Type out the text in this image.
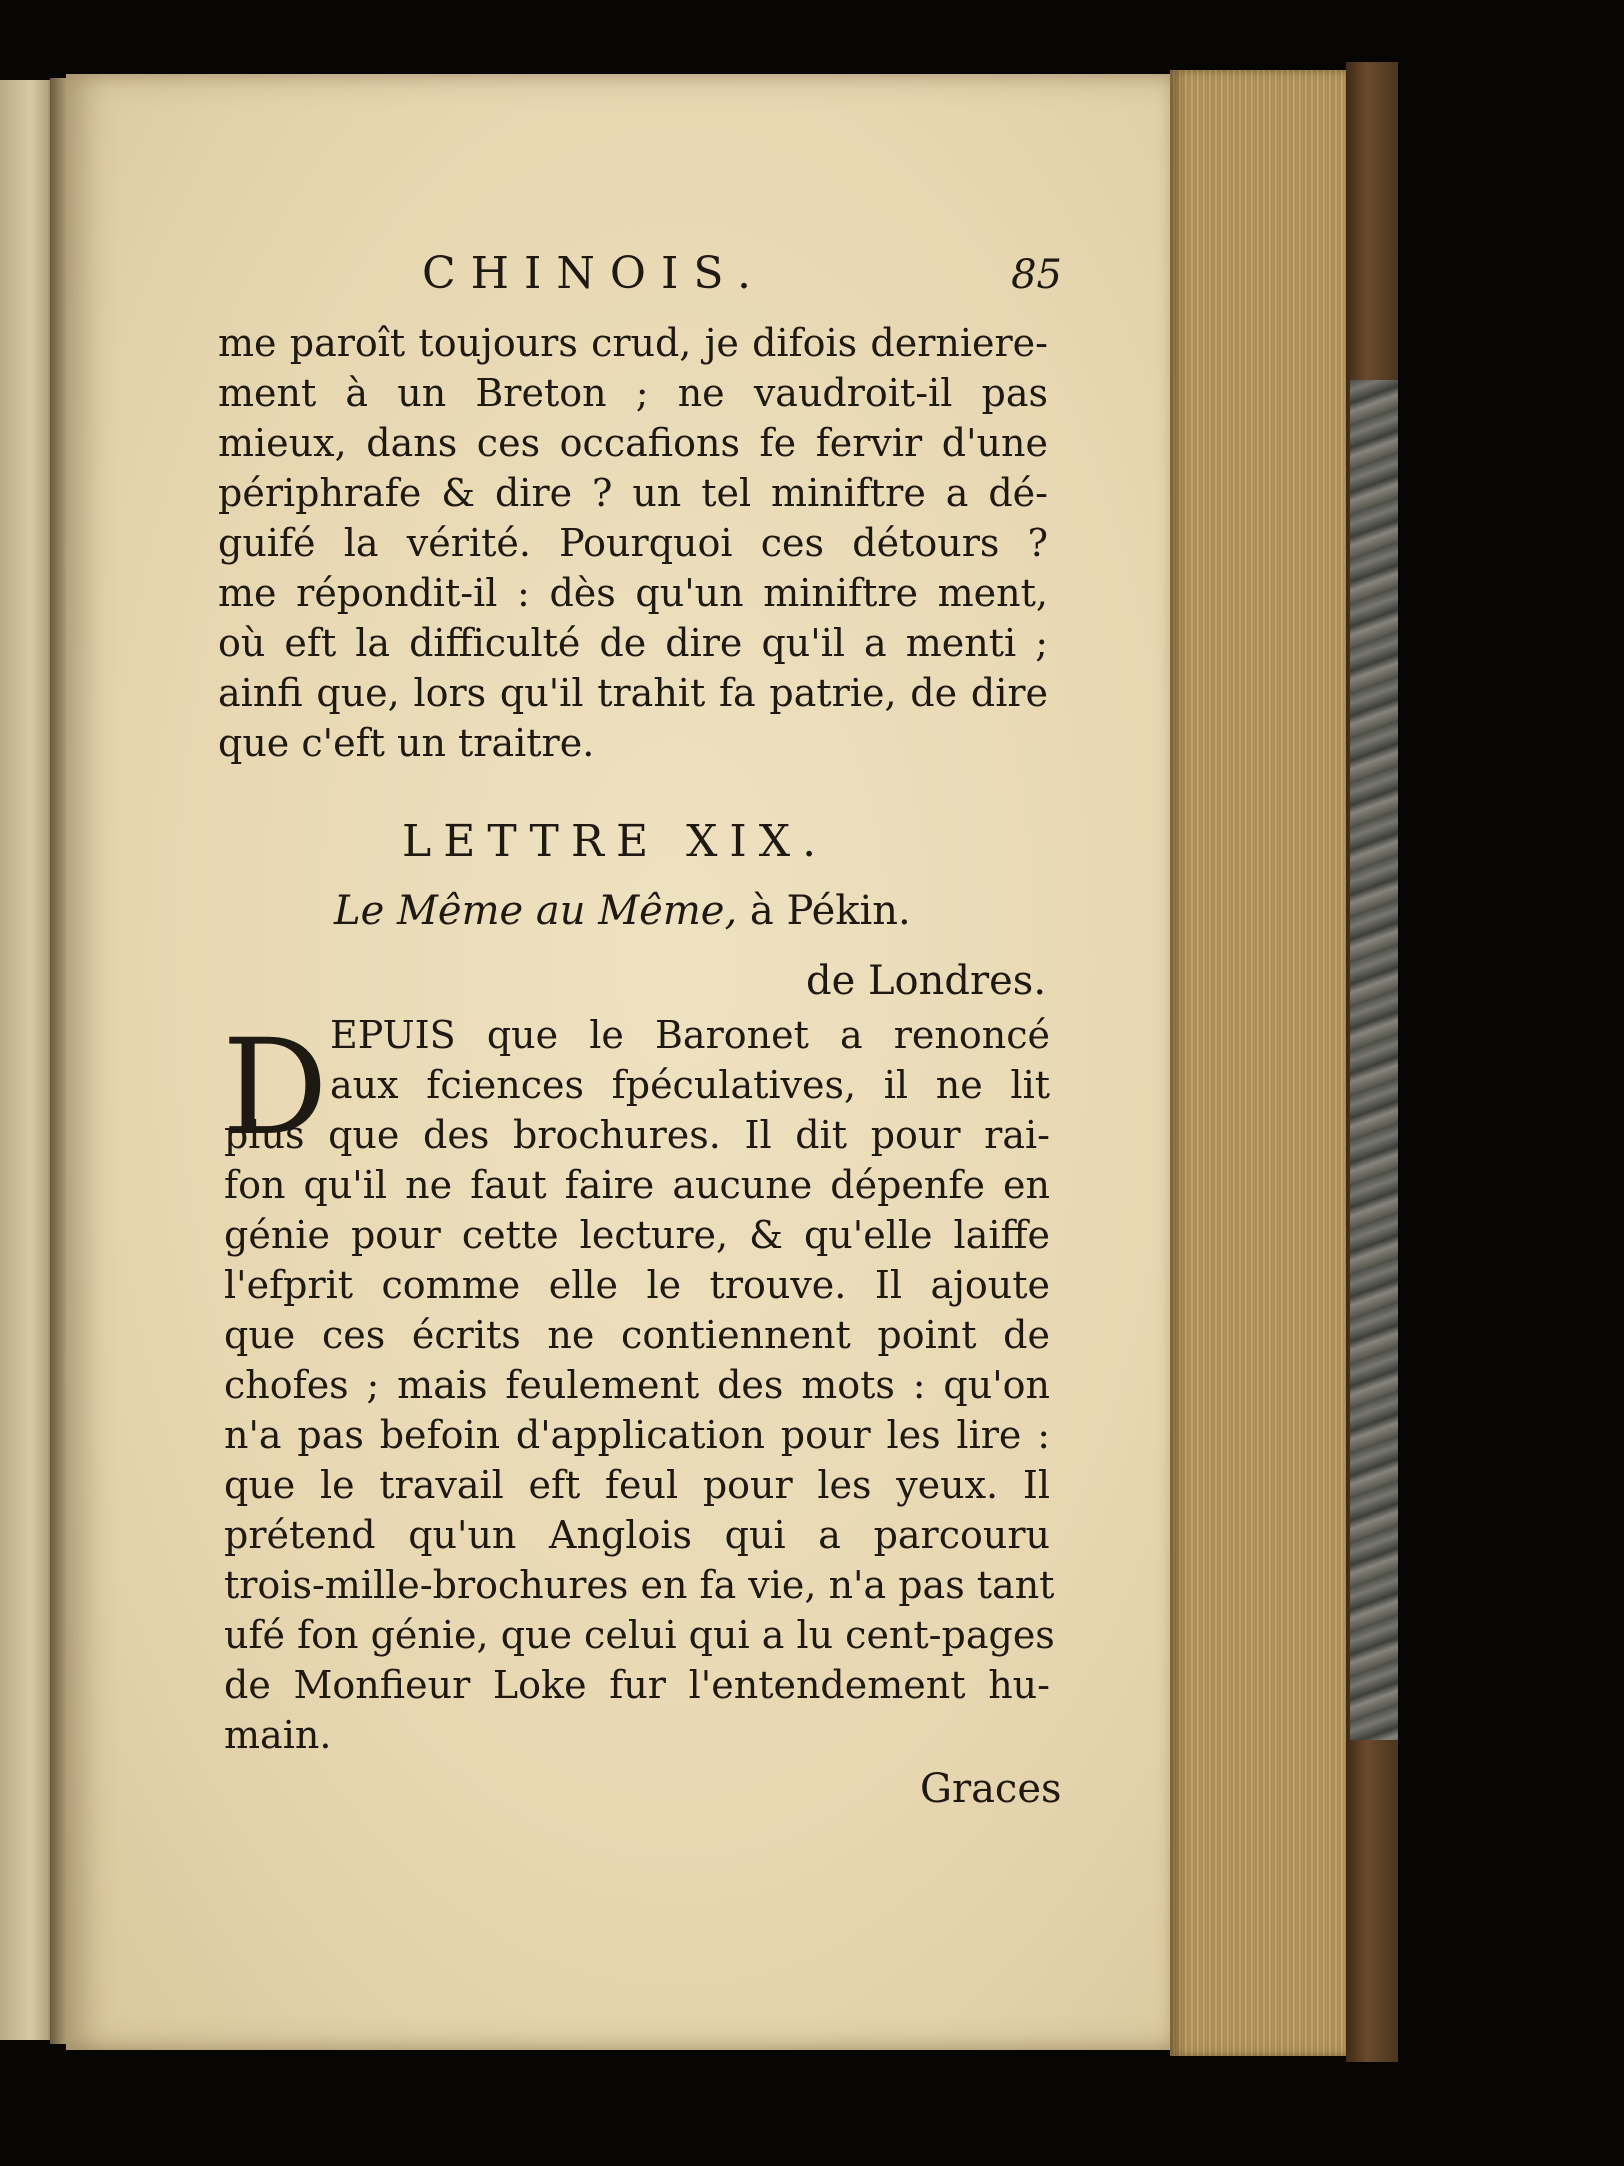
CHINOIS.	85
me paroît toujours crud, je difois derniere-
ment à un Breton ; ne vaudroit-il pas
mieux, dans ces occafions fe fervir d'une
périphrafe & dire ? un tel miniftre a dé-
guifé la vérité. Pourquoi ces détours ?
me répondit-il : dès qu'un miniftre ment,
où eft la difficulté de dire qu'il a menti ;
ainfi que, lors qu'il trahit fa patrie, de dire
que c'eft un traitre.
LETTRE XIX.
Le Même au Même, à Pékin.
de Londres.
D EPUIS que le Baronet a renoncé
aux fciences fpéculatives, il ne lit
plus que des brochures. Il dit pour rai-
fon qu'il ne faut faire aucune dépenfe en
génie pour cette lecture, & qu'elle laiffe
l'efprit comme elle le trouve. Il ajoute
que ces écrits ne contiennent point de
chofes ; mais feulement des mots : qu'on
n'a pas befoin d'application pour les lire :
que le travail eft feul pour les yeux. Il
prétend qu'un Anglois qui a parcouru
trois-mille-brochures en fa vie, n'a pas tant
ufé fon génie, que celui qui a lu cent-pages
de Monfieur Loke fur l'entendement hu-
main.
Graces
